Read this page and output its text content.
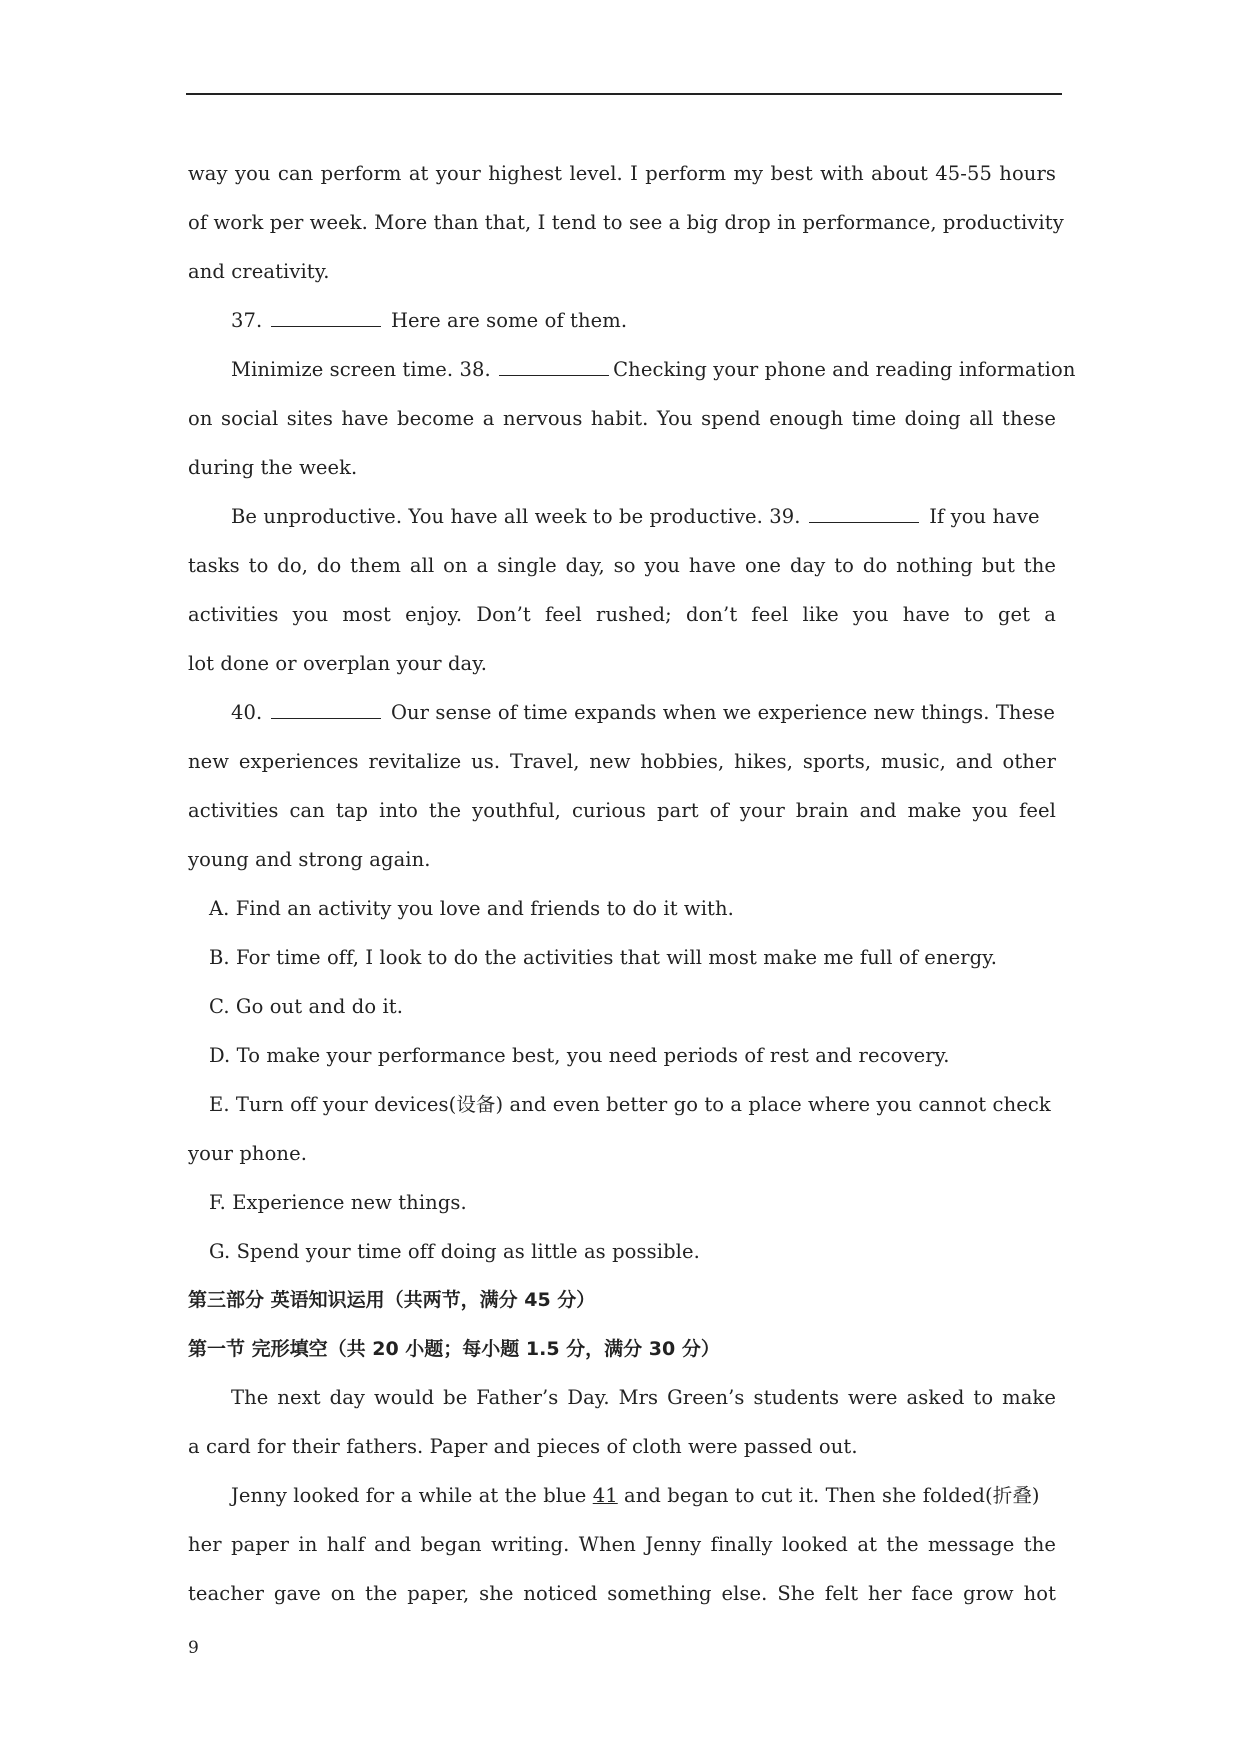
way you can perform at your highest level. I perform my best with about 45-55 hours
of work per week. More than that, I tend to see a big drop in performance, productivity
and creativity.
37.	Here are some of them.
Minimize screen time. 38.	Checking your phone and reading information
on social sites have become a nervous habit. You spend enough time doing all these
during the week.
Be unproductive. You have all week to be productive. 39.	If you have
tasks to do, do them all on a single day, so you have one day to do nothing but the
activities you most enjoy. Don’t feel rushed; don’t feel like you have to get a
lot done or overplan your day.
40.	Our sense of time expands when we experience new things. These
new experiences revitalize us. Travel, new hobbies, hikes, sports, music, and other
activities can tap into the youthful, curious part of your brain and make you feel
young and strong again.
A. Find an activity you love and friends to do it with.
B. For time off, I look to do the activities that will most make me full of energy.
C. Go out and do it.
D. To make your performance best, you need periods of rest and recovery.
E. Turn off your devices(设备) and even better go to a place where you cannot check
your phone.
F. Experience new things.
G. Spend your time off doing as little as possible.
第三部分 英语知识运用（共两节，满分 45 分）
第一节 完形填空（共 20 小题；每小题 1.5 分，满分 30 分）
The next day would be Father’s Day. Mrs Green’s students were asked to make
a card for their fathers. Paper and pieces of cloth were passed out.
Jenny looked for a while at the blue 41 and began to cut it. Then she folded(折叠)
her paper in half and began writing. When Jenny finally looked at the message the
teacher gave on the paper, she noticed something else. She felt her face grow hot
9
